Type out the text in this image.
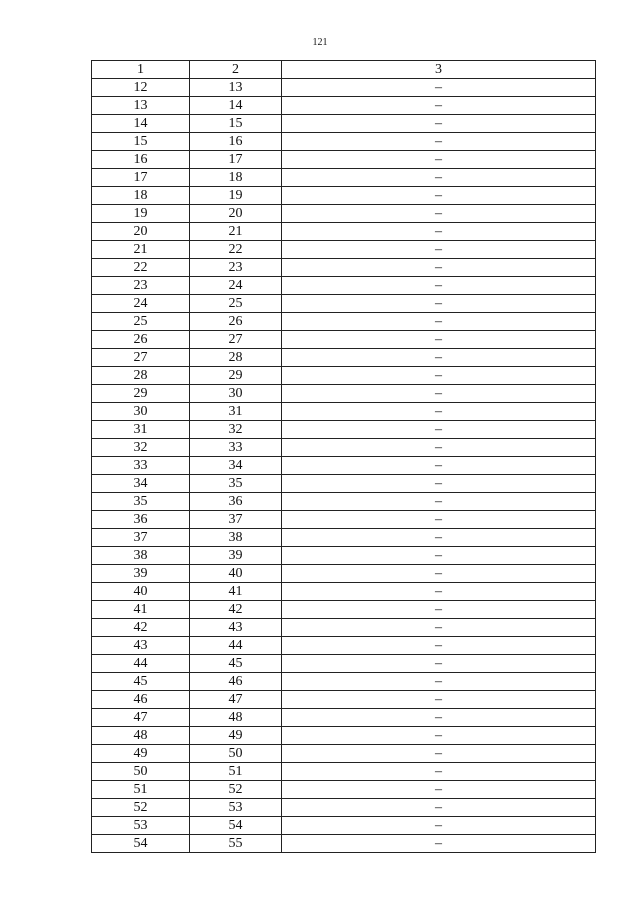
121
1	2	3
12	13	–
13	14	–
14	15	–
15	16	–
16	17	–
17	18	–
18	19	–
19	20	–
20	21	–
21	22	–
22	23	–
23	24	–
24	25	–
25	26	–
26	27	–
27	28	–
28	29	–
29	30	–
30	31	–
31	32	–
32	33	–
33	34	–
34	35	–
35	36	–
36	37	–
37	38	–
38	39	–
39	40	–
40	41	–
41	42	–
42	43	–
43	44	–
44	45	–
45	46	–
46	47	–
47	48	–
48	49	–
49	50	–
50	51	–
51	52	–
52	53	–
53	54	–
54	55	–
